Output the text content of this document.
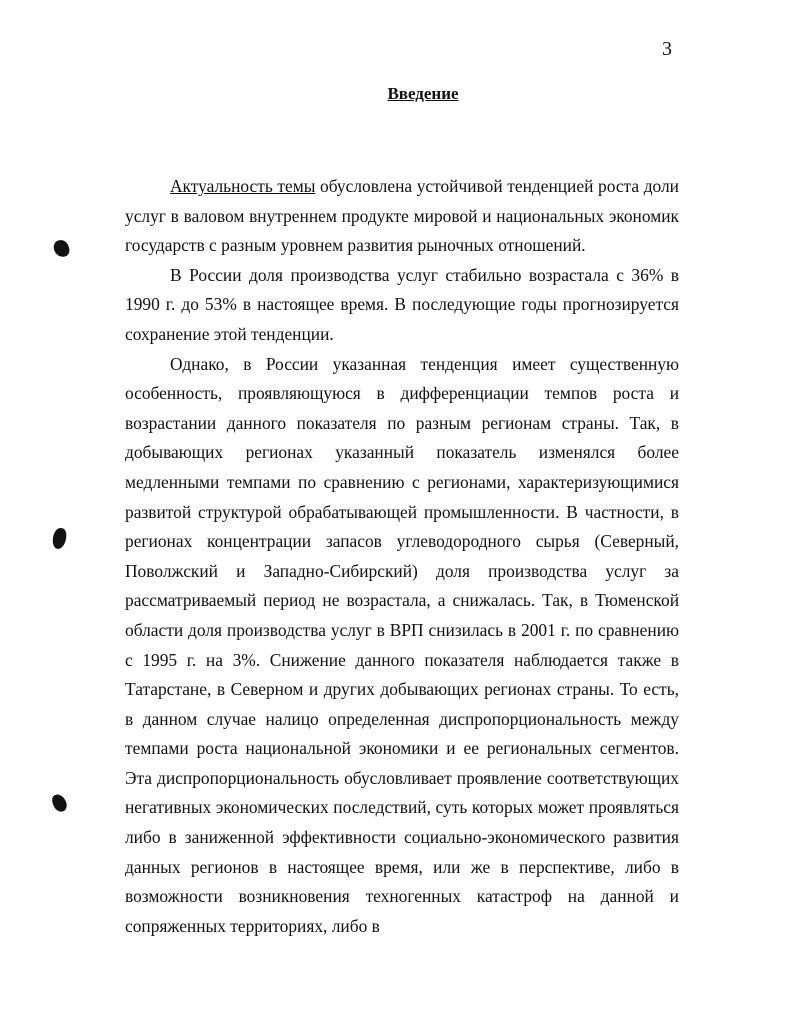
3
Введение

Актуальность темы обусловлена устойчивой тенденцией роста доли услуг в валовом внутреннем продукте мировой и национальных экономик государств с разным уровнем развития рыночных отношений.

В России доля производства услуг стабильно возрастала с 36% в 1990 г. до 53% в настоящее время. В последующие годы прогнозируется сохранение этой тенденции.

Однако, в России указанная тенденция имеет существенную особенность, проявляющуюся в дифференциации темпов роста и возрастании данного показателя по разным регионам страны. Так, в добывающих регионах указанный показатель изменялся более медленными темпами по сравнению с регионами, характеризующимися развитой структурой обрабатывающей промышленности. В частности, в регионах концентрации запасов углеводородного сырья (Северный, Поволжский и Западно-Сибирский) доля производства услуг за рассматриваемый период не возрастала, а снижалась. Так, в Тюменской области доля производства услуг в ВРП снизилась в 2001 г. по сравнению с 1995 г. на 3%. Снижение данного показателя наблюдается также в Татарстане, в Северном и других добывающих регионах страны. То есть, в данном случае налицо определенная диспропорциональность между темпами роста национальной экономики и ее региональных сегментов. Эта диспропорциональность обусловливает проявление соответствующих негативных экономических последствий, суть которых может проявляться либо в заниженной эффективности социально-экономического развития данных регионов в настоящее время, или же в перспективе, либо в возможности возникновения техногенных катастроф на данной и сопряженных территориях, либо в
